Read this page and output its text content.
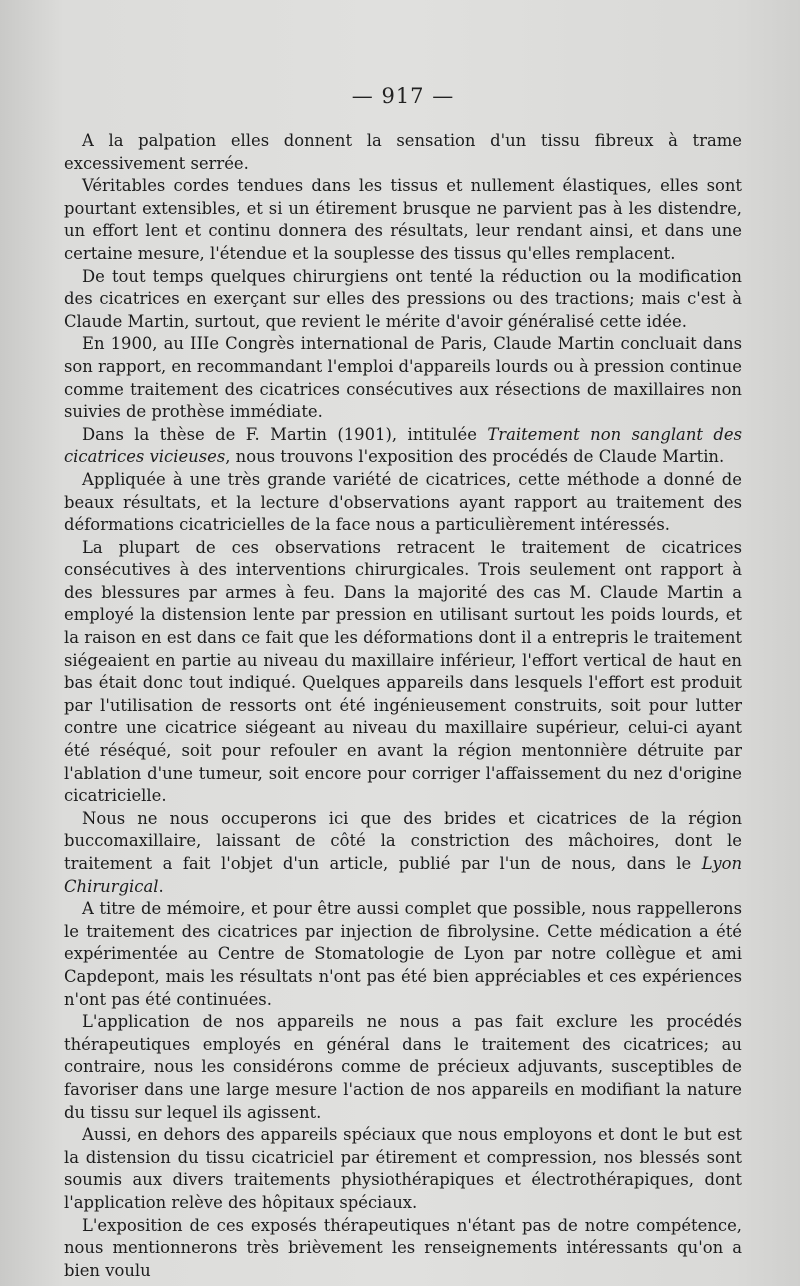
— 917 —

A la palpation elles donnent la sensation d'un tissu fibreux à trame excessivement serrée.

Véritables cordes tendues dans les tissus et nullement élastiques, elles sont pourtant extensibles, et si un étirement brusque ne parvient pas à les distendre, un effort lent et continu donnera des résultats, leur rendant ainsi, et dans une certaine mesure, l'étendue et la souplesse des tissus qu'elles remplacent.

De tout temps quelques chirurgiens ont tenté la réduction ou la modification des cicatrices en exerçant sur elles des pressions ou des tractions; mais c'est à Claude Martin, surtout, que revient le mérite d'avoir généralisé cette idée.

En 1900, au IIIe Congrès international de Paris, Claude Martin concluait dans son rapport, en recommandant l'emploi d'appareils lourds ou à pression continue comme traitement des cicatrices consécutives aux résections de maxillaires non suivies de prothèse immédiate.

Dans la thèse de F. Martin (1901), intitulée Traitement non sanglant des cicatrices vicieuses, nous trouvons l'exposition des procédés de Claude Martin.

Appliquée à une très grande variété de cicatrices, cette méthode a donné de beaux résultats, et la lecture d'observations ayant rapport au traitement des déformations cicatricielles de la face nous a particulièrement intéressés.

La plupart de ces observations retracent le traitement de cicatrices consécutives à des interventions chirurgicales. Trois seulement ont rapport à des blessures par armes à feu. Dans la majorité des cas M. Claude Martin a employé la distension lente par pression en utilisant surtout les poids lourds, et la raison en est dans ce fait que les déformations dont il a entrepris le traitement siégeaient en partie au niveau du maxillaire inférieur, l'effort vertical de haut en bas était donc tout indiqué. Quelques appareils dans lesquels l'effort est produit par l'utilisation de ressorts ont été ingénieusement construits, soit pour lutter contre une cicatrice siégeant au niveau du maxillaire supérieur, celui-ci ayant été réséqué, soit pour refouler en avant la région mentonnière détruite par l'ablation d'une tumeur, soit encore pour corriger l'affaissement du nez d'origine cicatricielle.

Nous ne nous occuperons ici que des brides et cicatrices de la région buccomaxillaire, laissant de côté la constriction des mâchoires, dont le traitement a fait l'objet d'un article, publié par l'un de nous, dans le Lyon Chirurgical.

A titre de mémoire, et pour être aussi complet que possible, nous rappellerons le traitement des cicatrices par injection de fibrolysine. Cette médication a été expérimentée au Centre de Stomatologie de Lyon par notre collègue et ami Capdepont, mais les résultats n'ont pas été bien appréciables et ces expériences n'ont pas été continuées.

L'application de nos appareils ne nous a pas fait exclure les procédés thérapeutiques employés en général dans le traitement des cicatrices; au contraire, nous les considérons comme de précieux adjuvants, susceptibles de favoriser dans une large mesure l'action de nos appareils en modifiant la nature du tissu sur lequel ils agissent.

Aussi, en dehors des appareils spéciaux que nous employons et dont le but est la distension du tissu cicatriciel par étirement et compression, nos blessés sont soumis aux divers traitements physiothérapiques et électrothérapiques, dont l'application relève des hôpitaux spéciaux.

L'exposition de ces exposés thérapeutiques n'étant pas de notre compétence, nous mentionnerons très brièvement les renseignements intéressants qu'on a bien voulu
